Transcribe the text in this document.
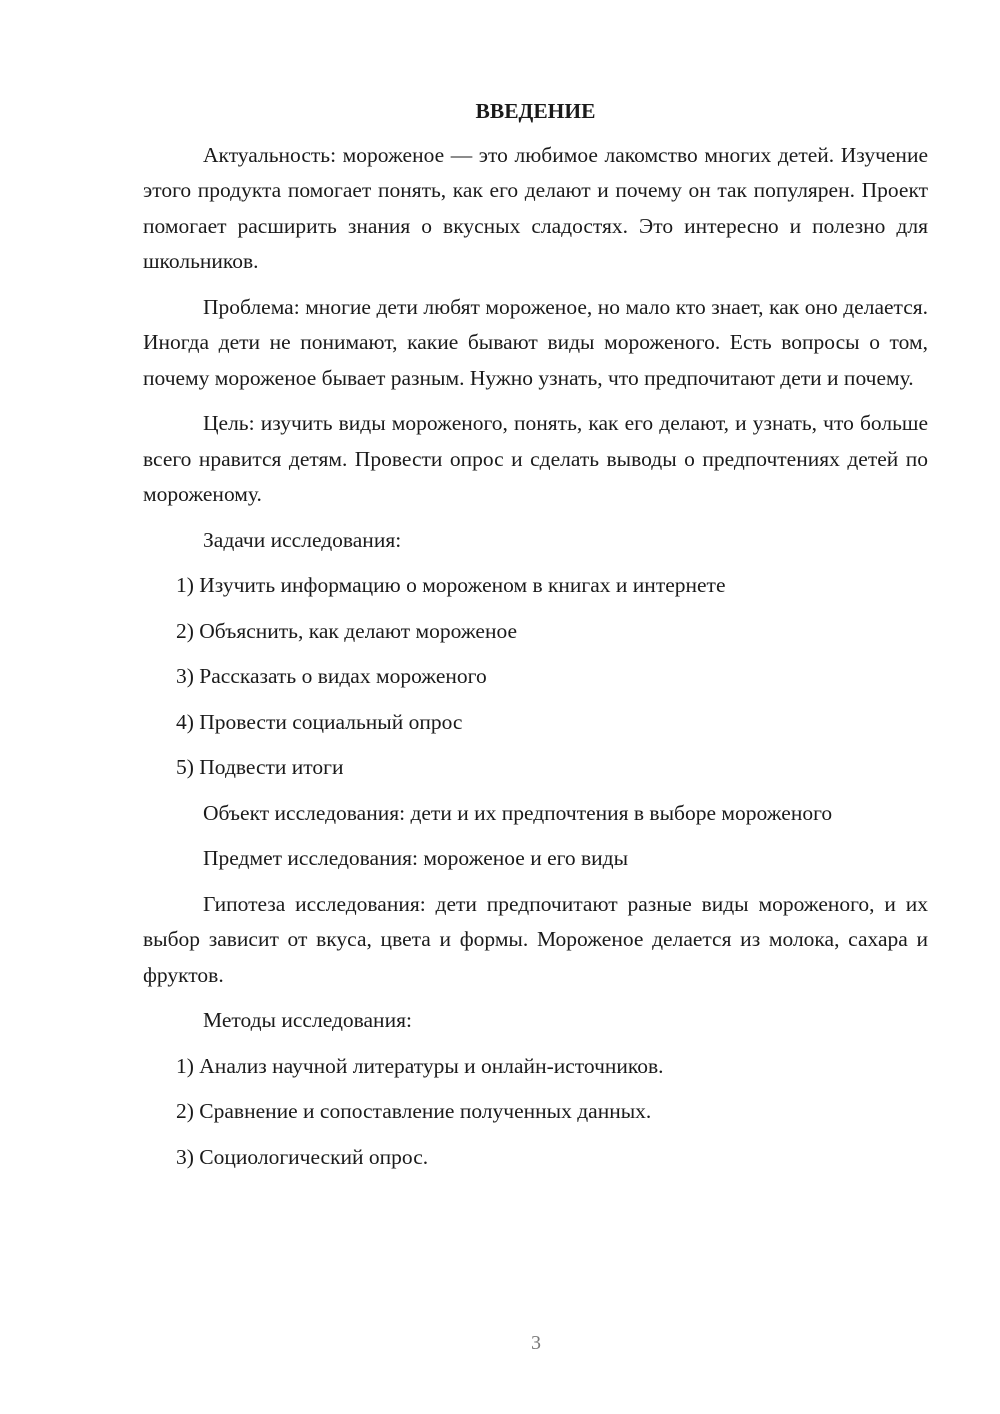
ВВЕДЕНИЕ
Актуальность: мороженое — это любимое лакомство многих детей. Изучение этого продукта помогает понять, как его делают и почему он так популярен. Проект помогает расширить знания о вкусных сладостях. Это интересно и полезно для школьников.
Проблема: многие дети любят мороженое, но мало кто знает, как оно делается. Иногда дети не понимают, какие бывают виды мороженого. Есть вопросы о том, почему мороженое бывает разным. Нужно узнать, что предпочитают дети и почему.
Цель: изучить виды мороженого, понять, как его делают, и узнать, что больше всего нравится детям. Провести опрос и сделать выводы о предпочтениях детей по мороженому.
Задачи исследования:
1) Изучить информацию о мороженом в книгах и интернете
2) Объяснить, как делают мороженое
3) Рассказать о видах мороженого
4) Провести социальный опрос
5) Подвести итоги
Объект исследования: дети и их предпочтения в выборе мороженого
Предмет исследования: мороженое и его виды
Гипотеза исследования: дети предпочитают разные виды мороженого, и их выбор зависит от вкуса, цвета и формы. Мороженое делается из молока, сахара и фруктов.
Методы исследования:
1) Анализ научной литературы и онлайн-источников.
2) Сравнение и сопоставление полученных данных.
3) Социологический опрос.
3
